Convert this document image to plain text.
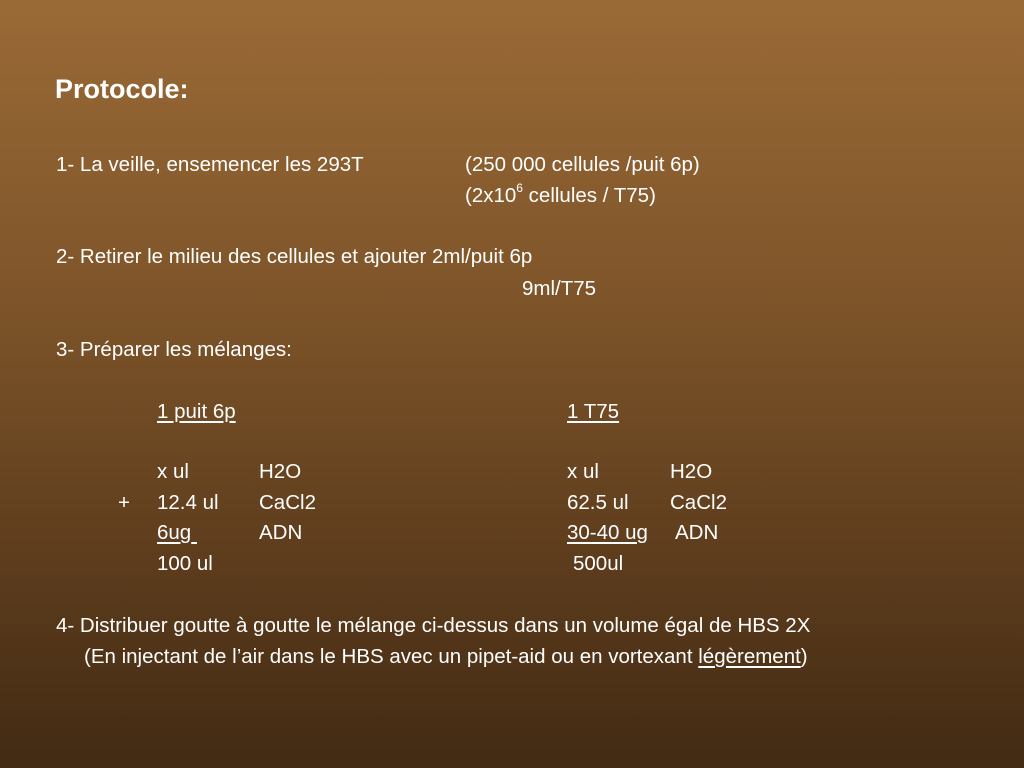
Protocole:
1- La veille, ensemencer les 293T	(250 000 cellules /puit 6p)
($2x10^6$ cellules / T75)
2- Retirer le milieu des cellules et ajouter 2ml/puit 6p
9ml/T75
3- Préparer les mélanges:
1 puit 6p
x ul	H2O
+ 12.4 ul CaCl2
6ug	ADN
100 ul
1 T75
x ul	H2O
62.5 ul CaCl2
30-40 ug ADN
500ul
4- Distribuer goutte à goutte le mélange ci-dessus dans un volume égal de HBS 2X
(En injectant de l’air dans le HBS avec un pipet-aid ou en vortexant légèrement)
